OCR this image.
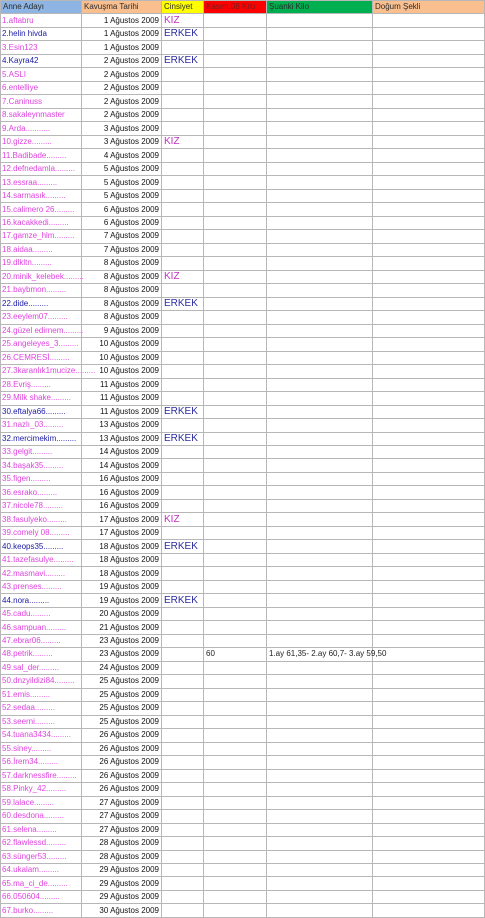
Anne Adayı	Kavuşma Tarihi	Cinsiyet	Kasım.08 Kilo	Şuanki Kilo	Doğum Şekli
1.aftabru	1 Ağustos 2009	KIZ			
2.helin hivda	1 Ağustos 2009	ERKEK			
3.Esin123	1 Ağustos 2009				
4.Kayra42	2 Ağustos 2009	ERKEK			
5.ASLI	2 Ağustos 2009				
6.entelliye	2 Ağustos 2009				
7.Caninuss	2 Ağustos 2009				
8.sakaleynmaster	2 Ağustos 2009				
9.Arda...........	3 Ağustos 2009				
10.gizze.........	3 Ağustos 2009	KIZ			
11.Badibade.........	4 Ağustos 2009				
12.defnedamla.........	5 Ağustos 2009				
13.essraa.........	5 Ağustos 2009				
14.sarmasık.........	5 Ağustos 2009				
15.calimero 26.........	6 Ağustos 2009				
16.kacakkedi.........	6 Ağustos 2009				
17.gamze_hlm.........	7 Ağustos 2009				
18.aidaa.........	7 Ağustos 2009				
19.dlkltn.........	8 Ağustos 2009				
20.minik_kelebek.........	8 Ağustos 2009	KIZ			
21.baybmon.........	8 Ağustos 2009				
22.dide.........	8 Ağustos 2009	ERKEK			
23.eeylem07.........	8 Ağustos 2009				
24.güzel edirnem.........	9 Ağustos 2009				
25.angeleyes_3.........	10 Ağustos 2009				
26.CEMRESİ.........	10 Ağustos 2009				
27.3karanlık1mucize.........	10 Ağustos 2009				
28.Evriş.........	11 Ağustos 2009				
29.Milk shake.........	11 Ağustos 2009				
30.eftalya66.........	11 Ağustos 2009	ERKEK			
31.nazlı_03.........	13 Ağustos 2009				
32.mercimekim.........	13 Ağustos 2009	ERKEK			
33.gelgit.........	14 Ağustos 2009				
34.başak35.........	14 Ağustos 2009				
35.figen.........	16 Ağustos 2009				
36.esrako.........	16 Ağustos 2009				
37.nicole78.........	16 Ağustos 2009				
38.fasulyeko.........	17 Ağustos 2009	KIZ			
39.comely 08.........	17 Ağustos 2009				
40.keops35.........	18 Ağustos 2009	ERKEK			
41.tazefasulye.........	18 Ağustos 2009				
42.masmavi.........	18 Ağustos 2009				
43.prenses.........	19 Ağustos 2009				
44.nora.........	19 Ağustos 2009	ERKEK			
45.cadu.........	20 Ağustos 2009				
46.sampuan.........	21 Ağustos 2009				
47.ebrar06.........	23 Ağustos 2009				
48.petrik.........	23 Ağustos 2009		60	1.ay 61,35- 2.ay 60,7- 3.ay 59,50	
49.sal_der.........	24 Ağustos 2009				
50.dnzyildizi84.........	25 Ağustos 2009				
51.emis.........	25 Ağustos 2009				
52.sedaa.........	25 Ağustos 2009				
53.seerni.........	25 Ağustos 2009				
54.tuana3434.........	26 Ağustos 2009				
55.siney.........	26 Ağustos 2009				
56.İrem34.........	26 Ağustos 2009				
57.darknessfire.........	26 Ağustos 2009				
58.Pinky_42.........	26 Ağustos 2009				
59.lalace.........	27 Ağustos 2009				
60.desdona.........	27 Ağustos 2009				
61.selena.........	27 Ağustos 2009				
62.flawlessd.........	28 Ağustos 2009				
63.sünger53.........	28 Ağustos 2009				
64.ukalam.........	29 Ağustos 2009				
65.ma_ci_de.........	29 Ağustos 2009				
66.050604.........	29 Ağustos 2009				
67.burko.........	30 Ağustos 2009				
